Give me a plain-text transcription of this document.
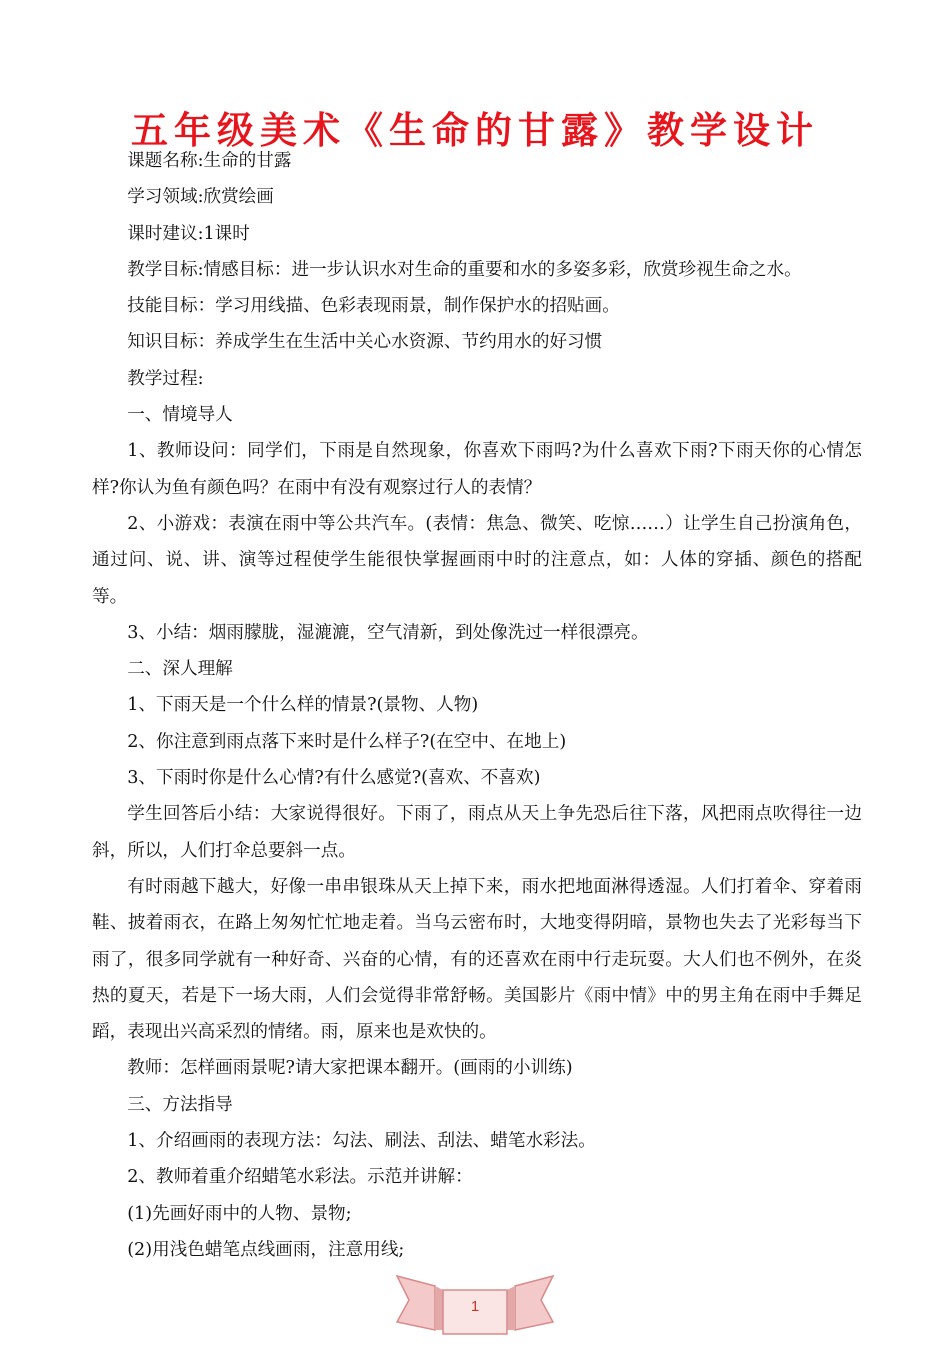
五年级美术《生命的甘露》教学设计

课题名称:生命的甘露

学习领域:欣赏绘画

课时建议:1课时

教学目标:情感目标：进一步认识水对生命的重要和水的多姿多彩，欣赏珍视生命之水。

技能目标：学习用线描、色彩表现雨景，制作保护水的招贴画。

知识目标：养成学生在生活中关心水资源、节约用水的好习惯

教学过程:

一、情境导人

1、教师设问：同学们，下雨是自然现象，你喜欢下雨吗?为什么喜欢下雨?下雨天你的心情怎样?你认为鱼有颜色吗？在雨中有没有观察过行人的表情？

2、小游戏：表演在雨中等公共汽车。(表情：焦急、微笑、吃惊……）让学生自己扮演角色，通过问、说、讲、演等过程使学生能很快掌握画雨中时的注意点，如：人体的穿插、颜色的搭配等。

3、小结：烟雨朦胧，湿漉漉，空气清新，到处像洗过一样很漂亮。

二、深人理解

1、下雨天是一个什么样的情景?(景物、人物)

2、你注意到雨点落下来时是什么样子?(在空中、在地上)

3、下雨时你是什么心情?有什么感觉?(喜欢、不喜欢)

学生回答后小结：大家说得很好。下雨了，雨点从天上争先恐后往下落，风把雨点吹得往一边斜，所以，人们打伞总要斜一点。

有时雨越下越大，好像一串串银珠从天上掉下来，雨水把地面淋得透湿。人们打着伞、穿着雨鞋、披着雨衣，在路上匆匆忙忙地走着。当乌云密布时，大地变得阴暗，景物也失去了光彩每当下雨了，很多同学就有一种好奇、兴奋的心情，有的还喜欢在雨中行走玩耍。大人们也不例外，在炎热的夏天，若是下一场大雨，人们会觉得非常舒畅。美国影片《雨中情》中的男主角在雨中手舞足蹈，表现出兴高采烈的情绪。雨，原来也是欢快的。

教师：怎样画雨景呢?请大家把课本翻开。(画雨的小训练)

三、方法指导

1、介绍画雨的表现方法：勾法、刷法、刮法、蜡笔水彩法。

2、教师着重介绍蜡笔水彩法。示范并讲解：

(1)先画好雨中的人物、景物;

(2)用浅色蜡笔点线画雨，注意用线;

1
